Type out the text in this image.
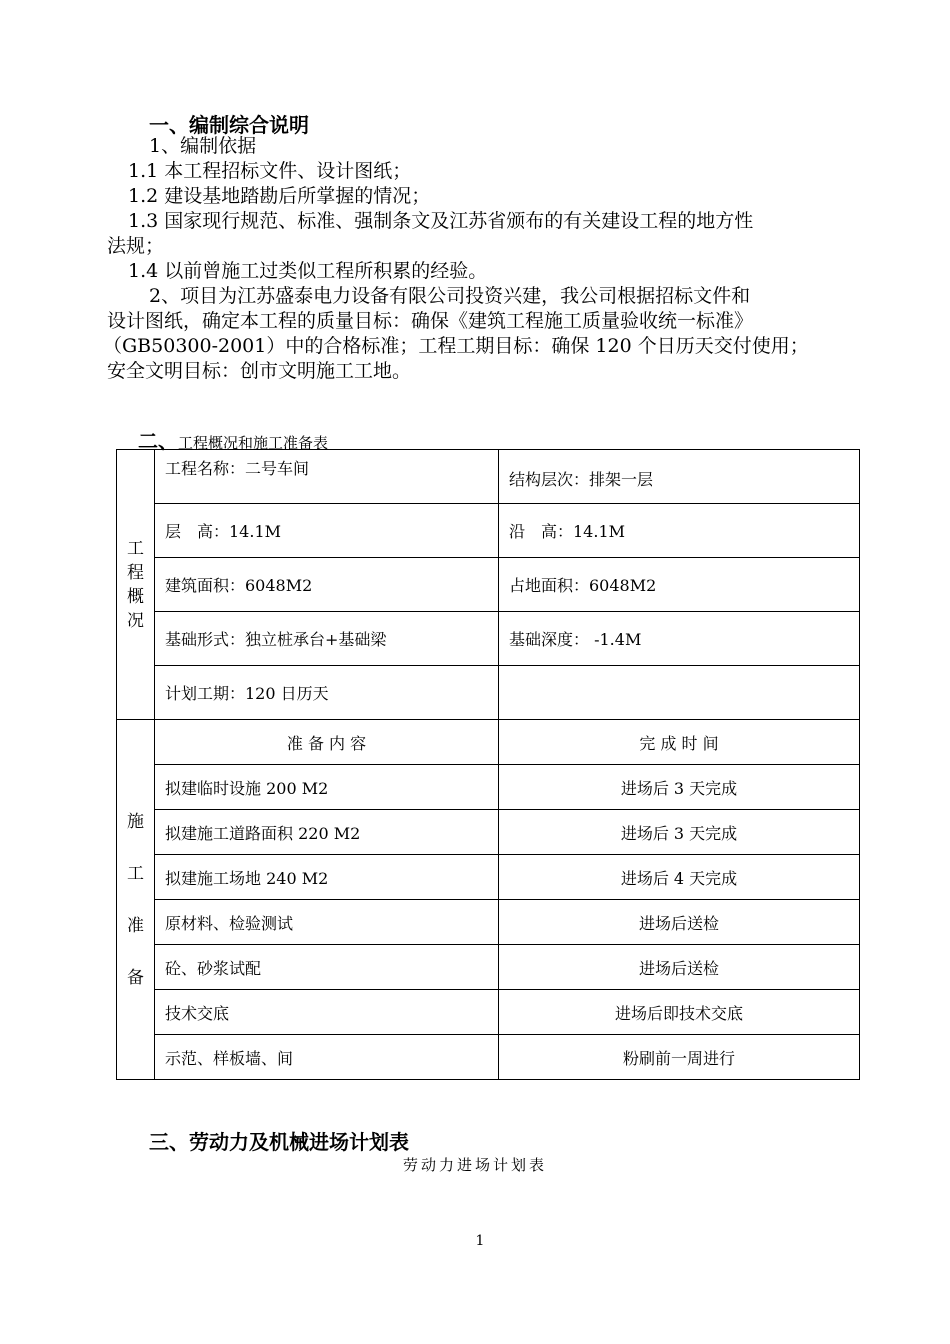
一、编制综合说明
1、编制依据
1.1 本工程招标文件、设计图纸；
1.2 建设基地踏勘后所掌握的情况；
1.3 国家现行规范、标准、强制条文及江苏省颁布的有关建设工程的地方性
法规；
1.4 以前曾施工过类似工程所积累的经验。
2、项目为江苏盛泰电力设备有限公司投资兴建，我公司根据招标文件和
设计图纸，确定本工程的质量目标：确保《建筑工程施工质量验收统一标准》
（GB50300-2001）中的合格标准；工程工期目标：确保 120 个日历天交付使用；
安全文明目标：创市文明施工工地。
二、工程概况和施工准备表
工
程
概
况	工程名称：二号车间	结构层次：排架一层
	层　高：14.1M	沿　高：14.1M
	建筑面积：6048M2	占地面积：6048M2
	基础形式：独立桩承台+基础梁	基础深度： -1.4M
	计划工期：120 日历天	

施
工
准
备	准 备 内 容	完 成 时 间
	拟建临时设施 200 M2	进场后 3 天完成
	拟建施工道路面积 220 M2	进场后 3 天完成
	拟建施工场地 240 M2	进场后 4 天完成
	原材料、检验测试	进场后送检
	砼、砂浆试配	进场后送检
	技术交底	进场后即技术交底
	示范、样板墙、间	粉刷前一周进行
三、劳动力及机械进场计划表
劳动力进场计划表
1
